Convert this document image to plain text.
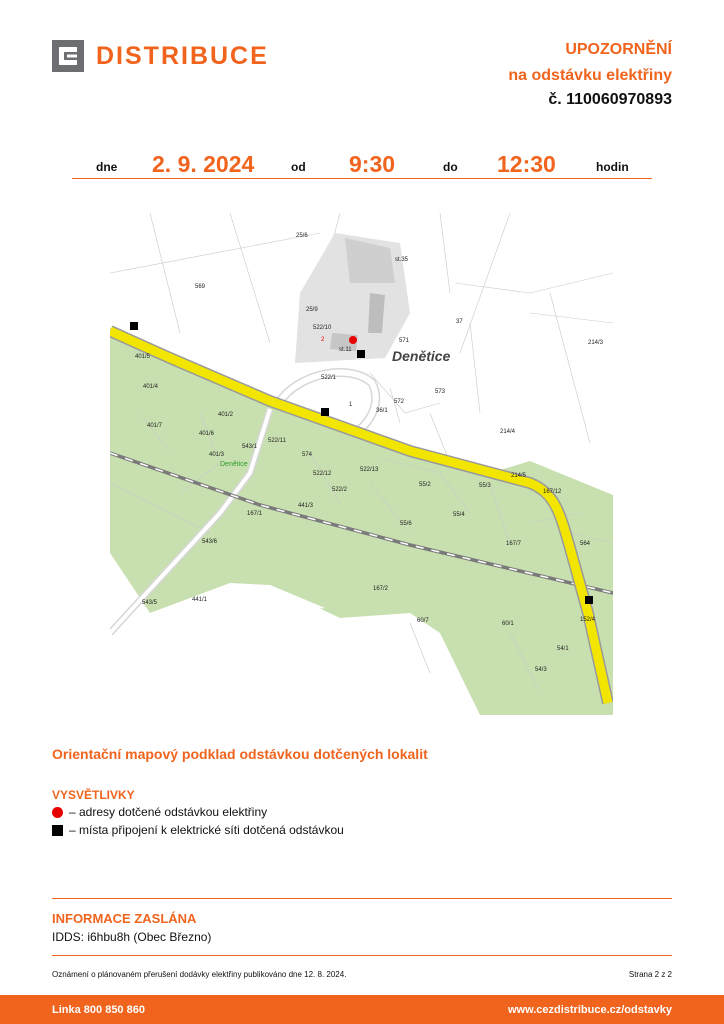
DISTRIBUCE	UPOZORNĚNÍ
na odstávku elektřiny
č. 110060970893
dne 2. 9. 2024	od 9:30	do 12:30	hodin
25/6
st.35
569
25/9
522/10
st.11
571
37
214/3
401/5
401/4
401/2
401/7
401/6
401/3
522/1
1
36/1
572
573
543/1
522/11
574
522/13
522/12
522/2
55/2	55/3
214/4
214/5
167/12
441/3
55/6
55/4
167/1
543/6	167/7	564
543/5	441/1
167/2
60/7	60/1
152/4
54/1
54/3
2
Denětice
Denětice
Orientační mapový podklad odstávkou dotčených lokalit
VYSVĚTLIVKY
– adresy dotčené odstávkou elektřiny
– místa připojení k elektrické síti dotčená odstávkou
INFORMACE ZASLÁNA
IDDS: i6hbu8h (Obec Březno)
Oznámení o plánovaném přerušení dodávky elektřiny publikováno dne 12. 8. 2024.	Strana 2 z 2
Linka 800 850 860	www.cezdistribuce.cz/odstavky
